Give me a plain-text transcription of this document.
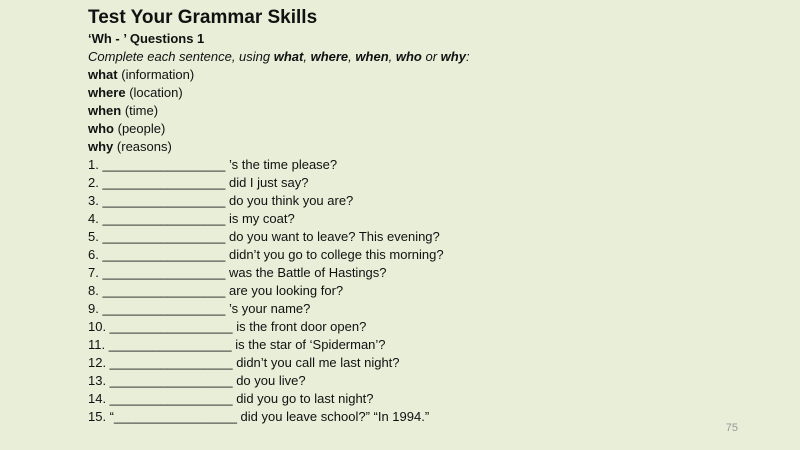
Test Your Grammar Skills
‘Wh - ’ Questions 1
Complete each sentence, using what, where, when, who or why:
what (information)
where (location)
when (time)
who (people)
why (reasons)
1. _________________ ’s the time please?
2. _________________ did I just say?
3. _________________ do you think you are?
4. _________________ is my coat?
5. _________________ do you want to leave? This evening?
6. _________________ didn’t you go to college this morning?
7. _________________ was the Battle of Hastings?
8. _________________ are you looking for?
9. _________________ ’s your name?
10. _________________ is the front door open?
11. _________________ is the star of ‘Spiderman’?
12. _________________ didn’t you call me last night?
13. _________________ do you live?
14. _________________ did you go to last night?
15. “_________________ did you leave school?” “In 1994.”
75
